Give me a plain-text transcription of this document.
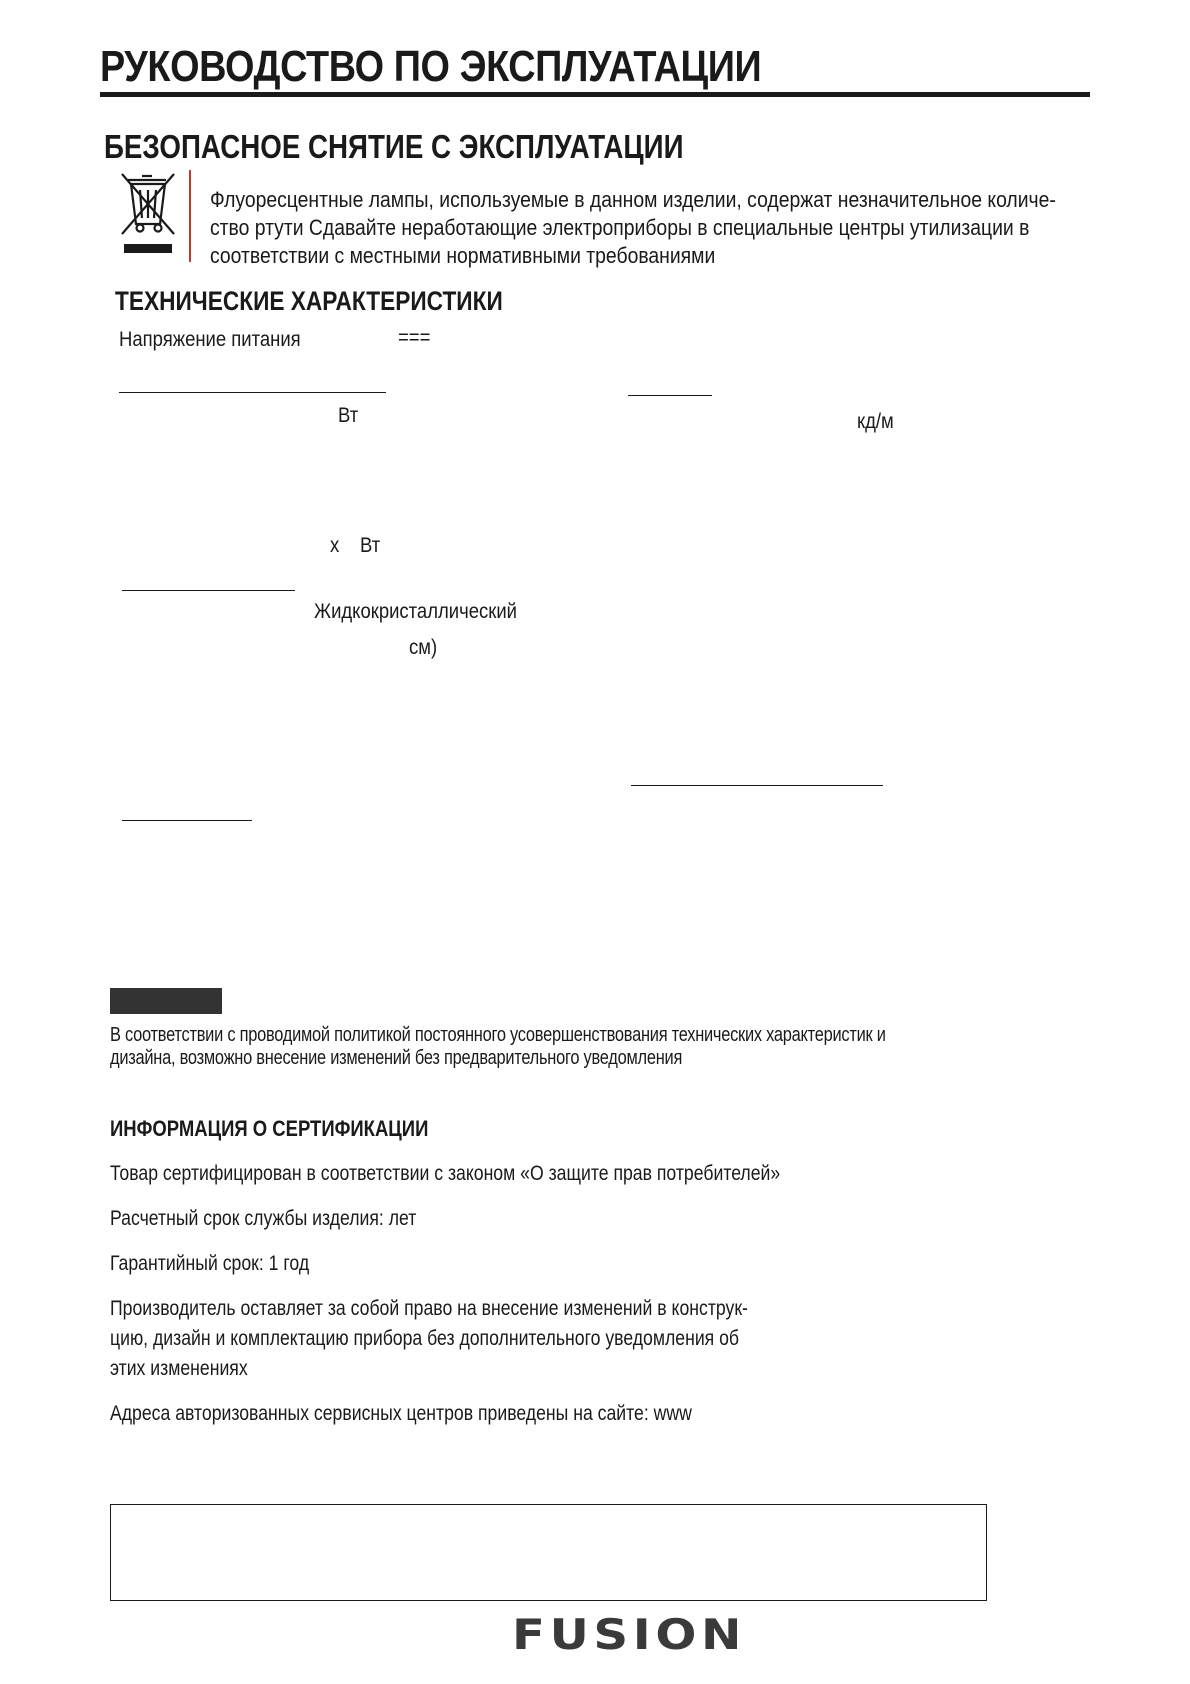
РУКОВОДСТВО ПО ЭКСПЛУАТАЦИИ
БЕЗОПАСНОЕ СНЯТИЕ С ЭКСПЛУАТАЦИИ
Флуоресцентные лампы, используемые в данном изделии, содержат незначительное количе-
ство ртути Сдавайте неработающие электроприборы в специальные центры утилизации в
соответствии с местными нормативными требованиями
ТЕХНИЧЕСКИЕ ХАРАКТЕРИСТИКИ
Напряжение питания	===
Вт	кд/м
x Вт
Жидкокристаллический
см)
В соответствии с проводимой политикой постоянного усовершенствования технических характеристик и
дизайна, возможно внесение изменений без предварительного уведомления
ИНФОРМАЦИЯ О СЕРТИФИКАЦИИ
Товар сертифицирован в соответствии с законом «О защите прав потребителей»
Расчетный срок службы изделия: лет
Гарантийный срок: 1 год
Производитель оставляет за собой право на внесение изменений в конструк-
цию, дизайн и комплектацию прибора без дополнительного уведомления об
этих изменениях
Адреса авторизованных сервисных центров приведены на сайте: www
FUSION
